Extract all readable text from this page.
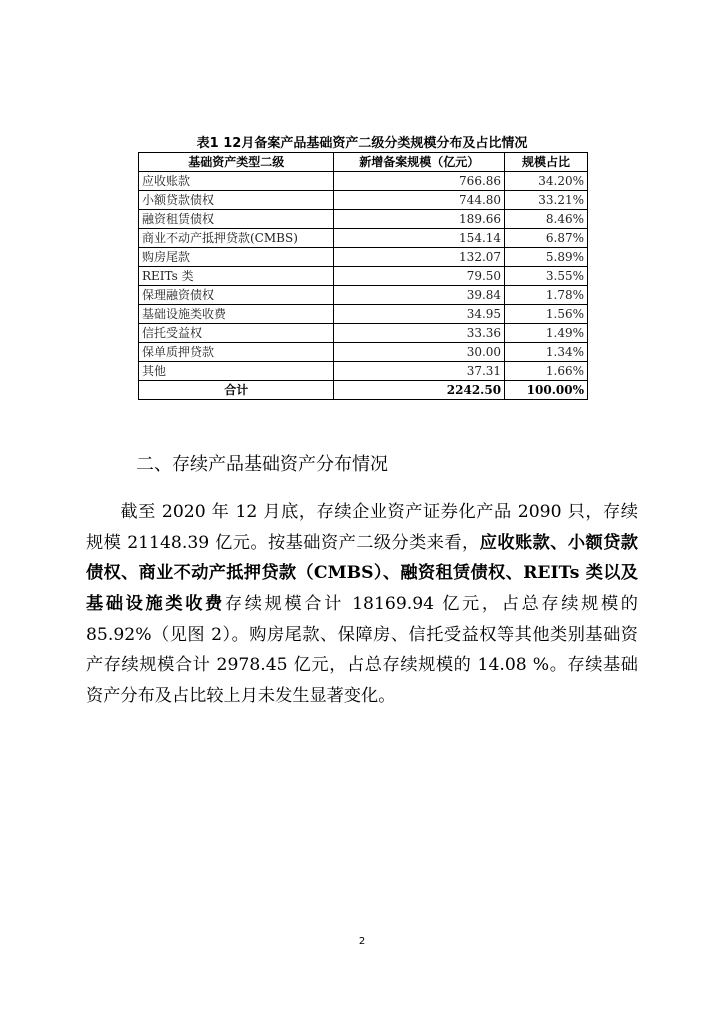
表1 12月备案产品基础资产二级分类规模分布及占比情况
基础资产类型二级	新增备案规模（亿元）	规模占比
应收账款	766.86	34.20%
小额贷款债权	744.80	33.21%
融资租赁债权	189.66	8.46%
商业不动产抵押贷款(CMBS)	154.14	6.87%
购房尾款	132.07	5.89%
REITs 类	79.50	3.55%
保理融资债权	39.84	1.78%
基础设施类收费	34.95	1.56%
信托受益权	33.36	1.49%
保单质押贷款	30.00	1.34%
其他	37.31	1.66%
合计	2242.50	100.00%
二、存续产品基础资产分布情况

截至 2020 年 12 月底，存续企业资产证券化产品 2090 只，存续规模 21148.39 亿元。按基础资产二级分类来看，应收账款、小额贷款债权、商业不动产抵押贷款（CMBS）、融资租赁债权、REITs 类以及基础设施类收费存续规模合计 18169.94 亿元，占总存续规模的 85.92%（见图 2）。购房尾款、保障房、信托受益权等其他类别基础资产存续规模合计 2978.45 亿元，占总存续规模的 14.08 %。存续基础资产分布及占比较上月未发生显著变化。

2
